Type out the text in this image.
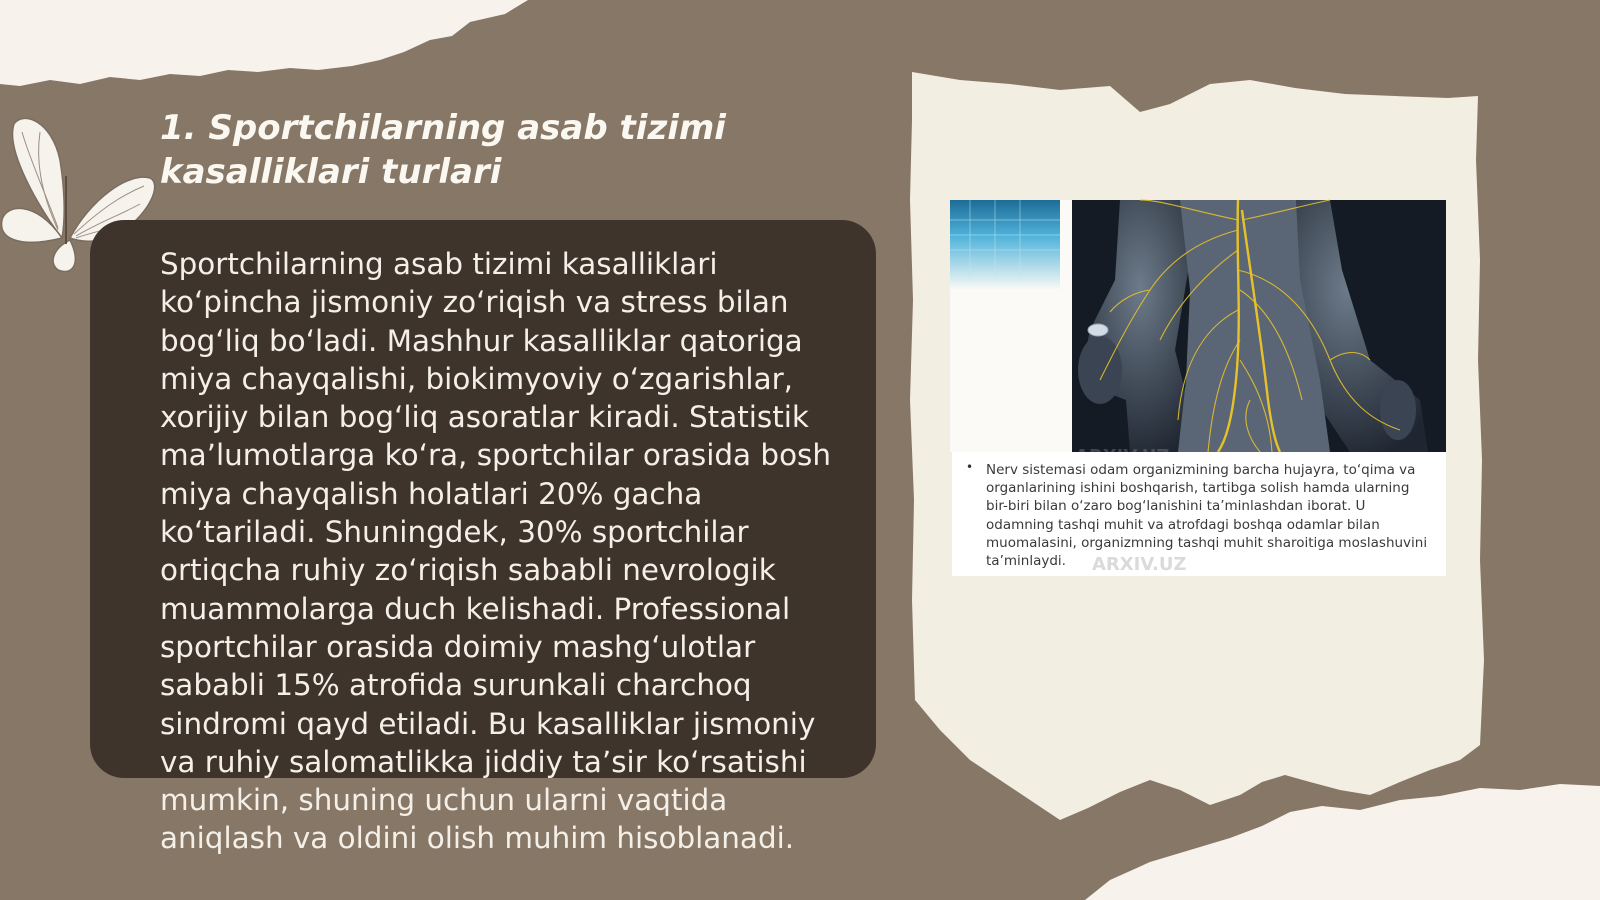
1. Sportchilarning asab tizimi kasalliklari turlari

Sportchilarning asab tizimi kasalliklari ko‘pincha jismoniy zo‘riqish va stress bilan bog‘liq bo‘ladi. Mashhur kasalliklar qatoriga miya chayqalishi, biokimyoviy o‘zgarishlar, xorijiy bilan bog‘liq asoratlar kiradi. Statistik ma’lumotlarga ko‘ra, sportchilar orasida bosh miya chayqalish holatlari 20% gacha ko‘tariladi. Shuningdek, 30% sportchilar ortiqcha ruhiy zo‘riqish sababli nevrologik muammolarga duch kelishadi. Professional sportchilar orasida doimiy mashg‘ulotlar sababli 15% atrofida surunkali charchoq sindromi qayd etiladi. Bu kasalliklar jismoniy va ruhiy salomatlikka jiddiy ta’sir ko‘rsatishi mumkin, shuning uchun ularni vaqtida aniqlash va oldini olish muhim hisoblanadi.

• Nerv sistemasi odam organizmining barcha hujayra, to‘qima va organlarining ishini boshqarish, tartibga solish hamda ularning bir-biri bilan o‘zaro bog‘lanishini ta’minlashdan iborat. U odamning tashqi muhit va atrofdagi boshqa odamlar bilan muomalasini, organizmning tashqi muhit sharoitiga moslashuvini ta’minlaydi.	ARXIV.UZ
